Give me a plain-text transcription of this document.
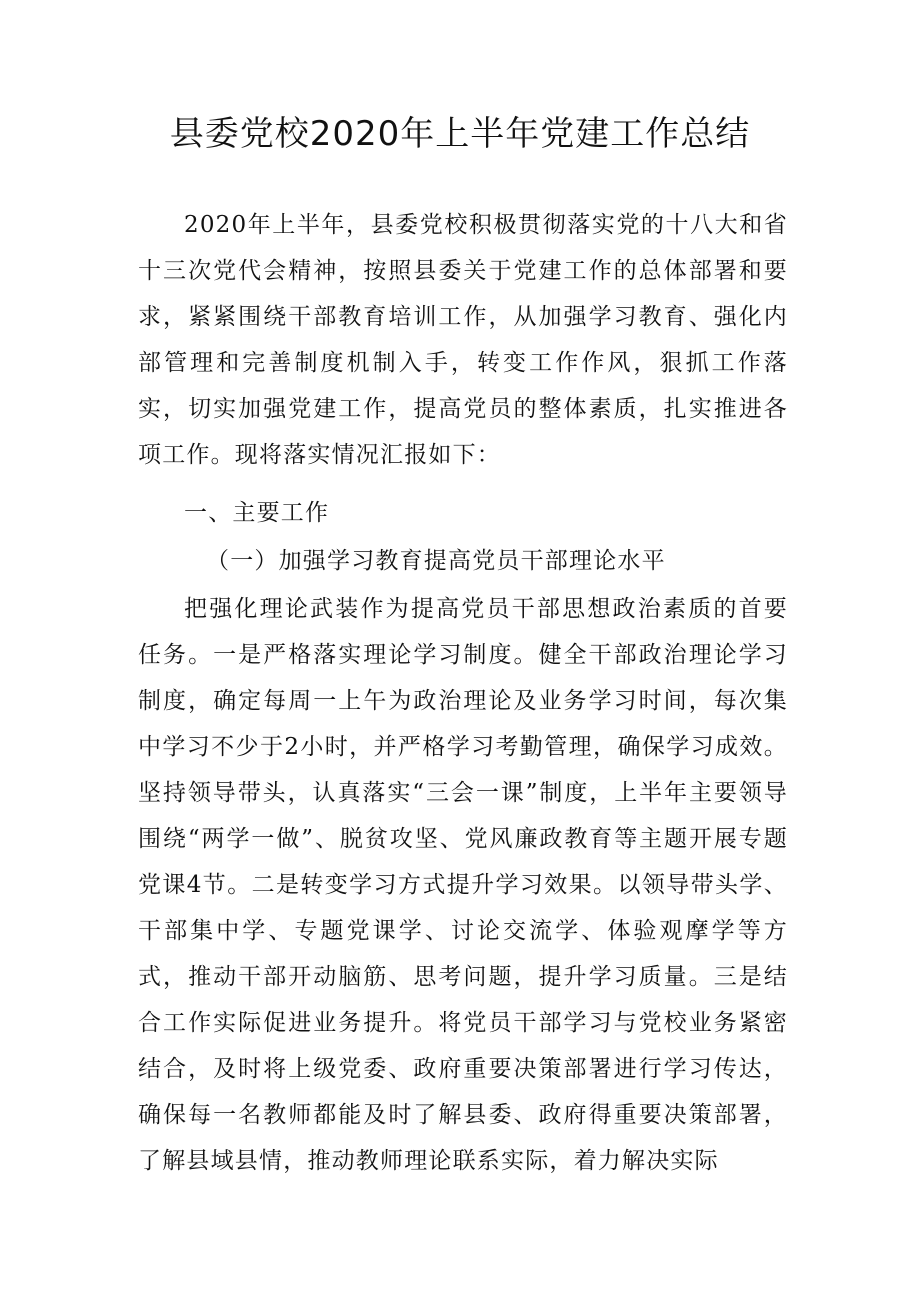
县委党校2020年上半年党建工作总结

2020年上半年，县委党校积极贯彻落实党的十八大和省十三次党代会精神，按照县委关于党建工作的总体部署和要求，紧紧围绕干部教育培训工作，从加强学习教育、强化内部管理和完善制度机制入手，转变工作作风，狠抓工作落实，切实加强党建工作，提高党员的整体素质，扎实推进各项工作。现将落实情况汇报如下：

一、主要工作

（一）加强学习教育提高党员干部理论水平

把强化理论武装作为提高党员干部思想政治素质的首要任务。一是严格落实理论学习制度。健全干部政治理论学习制度，确定每周一上午为政治理论及业务学习时间，每次集中学习不少于2小时，并严格学习考勤管理，确保学习成效。坚持领导带头，认真落实“三会一课”制度，上半年主要领导围绕“两学一做”、脱贫攻坚、党风廉政教育等主题开展专题党课4节。二是转变学习方式提升学习效果。以领导带头学、干部集中学、专题党课学、讨论交流学、体验观摩学等方式，推动干部开动脑筋、思考问题，提升学习质量。三是结合工作实际促进业务提升。将党员干部学习与党校业务紧密结合，及时将上级党委、政府重要决策部署进行学习传达，确保每一名教师都能及时了解县委、政府得重要决策部署，了解县域县情，推动教师理论联系实际，着力解决实际
